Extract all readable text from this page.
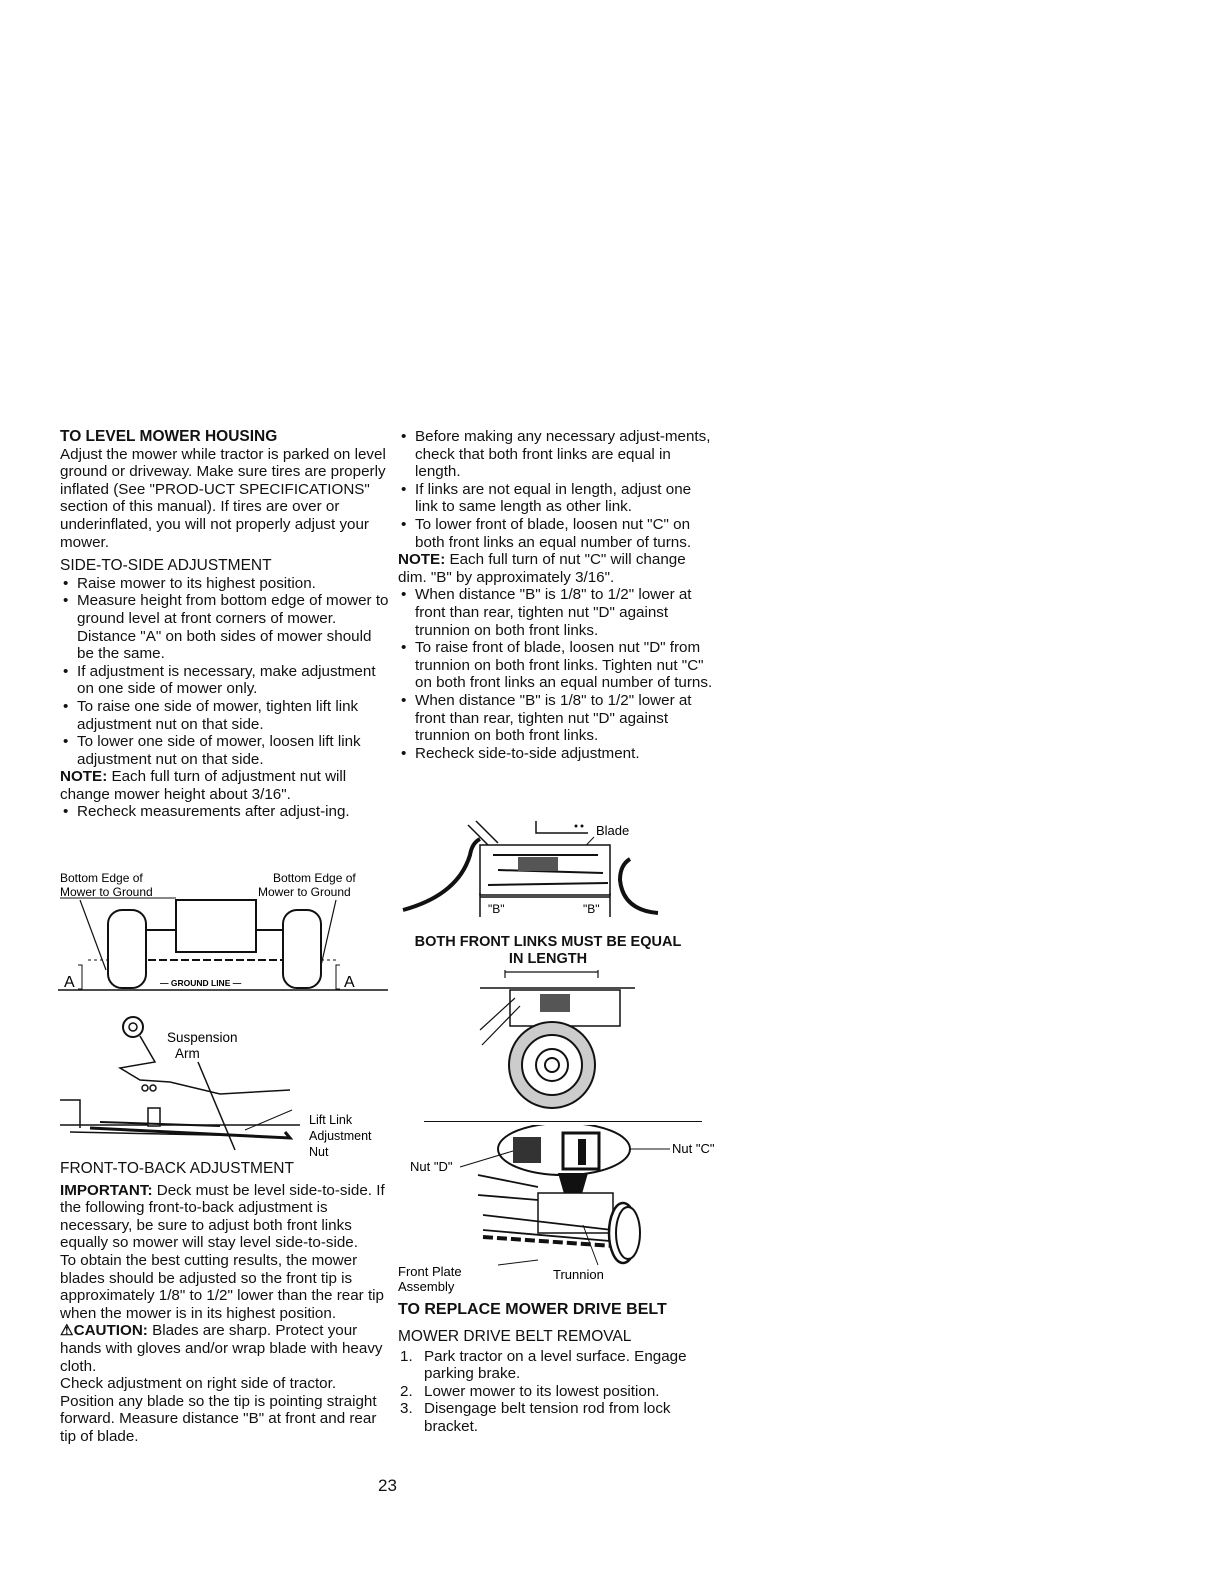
TO LEVEL MOWER HOUSING

Adjust the mower while tractor is parked on level ground or driveway. Make sure tires are properly inflated (See "PROD-UCT SPECIFICATIONS" section of this manual). If tires are over or underinflated, you will not properly adjust your mower.

SIDE-TO-SIDE ADJUSTMENT

• Raise mower to its highest position.
• Measure height from bottom edge of mower to ground level at front corners of mower. Distance "A" on both sides of mower should be the same.
• If adjustment is necessary, make adjustment on one side of mower only.
• To raise one side of mower, tighten lift link adjustment nut on that side.
• To lower one side of mower, loosen lift link adjustment nut on that side.

NOTE: Each full turn of adjustment nut will change mower height about 3/16".

• Recheck measurements after adjust-ing.
Bottom Edge of
Mower to Ground
Bottom Edge of
Mower to Ground
— GROUND LINE —
A	A
Suspension
Arm
Lift Link
Adjustment
Nut

FRONT-TO-BACK ADJUSTMENT

IMPORTANT: Deck must be level side-to-side. If the following front-to-back adjustment is necessary, be sure to adjust both front links equally so mower will stay level side-to-side.

To obtain the best cutting results, the mower blades should be adjusted so the front tip is approximately 1/8" to 1/2" lower than the rear tip when the mower is in its highest position.

⚠CAUTION: Blades are sharp. Protect your hands with gloves and/or wrap blade with heavy cloth.

Check adjustment on right side of tractor. Position any blade so the tip is pointing straight forward. Measure distance "B" at front and rear tip of blade.

• Before making any necessary adjust-ments, check that both front links are equal in length.
• If links are not equal in length, adjust one link to same length as other link.
• To lower front of blade, loosen nut "C" on both front links an equal number of turns.

NOTE: Each full turn of nut "C" will change dim. "B" by approximately 3/16".

• When distance "B" is 1/8" to 1/2" lower at front than rear, tighten nut "D" against trunnion on both front links.
• To raise front of blade, loosen nut "D" from trunnion on both front links. Tighten nut "C" on both front links an equal number of turns.
• When distance "B" is 1/8" to 1/2" lower at front than rear, tighten nut "D" against trunnion on both front links.
• Recheck side-to-side adjustment.
Blade
"B"	"B"
BOTH FRONT LINKS MUST BE EQUAL
IN LENGTH
Nut "D"
Nut "C"
Front Plate
Assembly
Trunnion

TO REPLACE MOWER DRIVE BELT

MOWER DRIVE BELT REMOVAL

1. Park tractor on a level surface. Engage parking brake.
2. Lower mower to its lowest position.
3. Disengage belt tension rod from lock bracket.
23
